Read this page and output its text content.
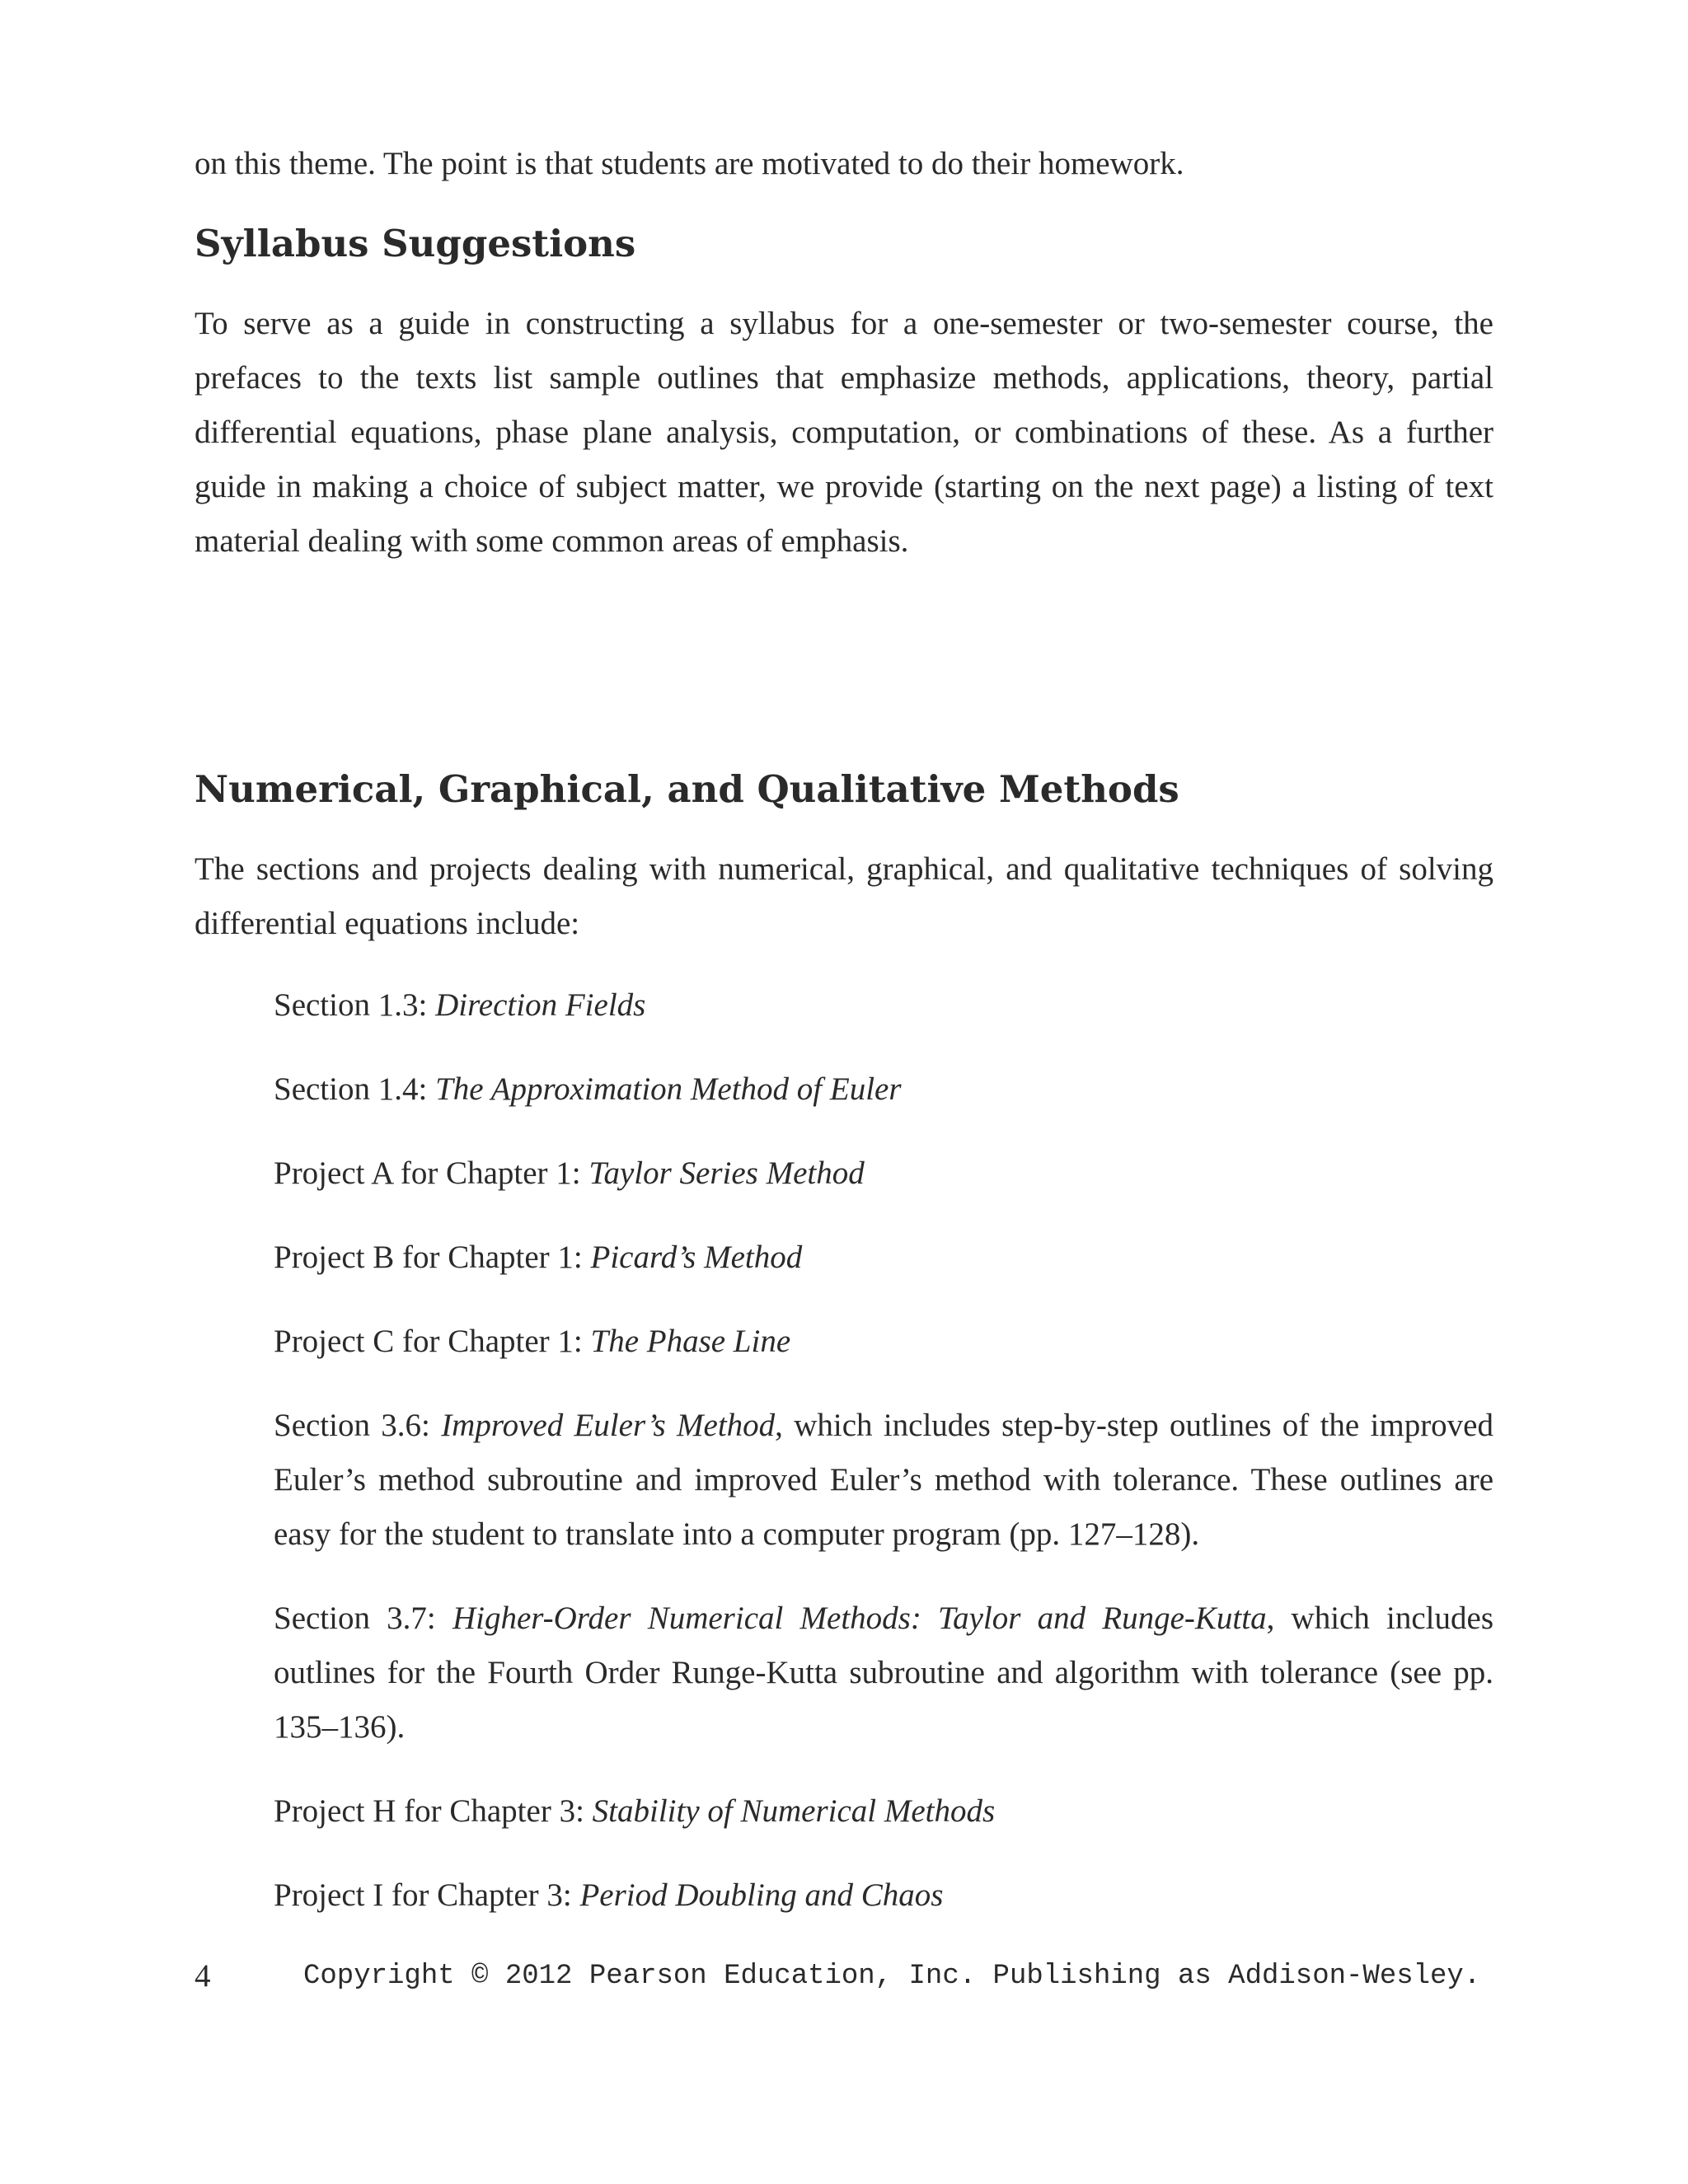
on this theme. The point is that students are motivated to do their homework.

Syllabus Suggestions

To serve as a guide in constructing a syllabus for a one-semester or two-semester course, the prefaces to the texts list sample outlines that emphasize methods, applications, theory, partial differential equations, phase plane analysis, computation, or combinations of these. As a further guide in making a choice of subject matter, we provide (starting on the next page) a listing of text material dealing with some common areas of emphasis.

Numerical, Graphical, and Qualitative Methods

The sections and projects dealing with numerical, graphical, and qualitative techniques of solving differential equations include:

Section 1.3: Direction Fields
Section 1.4: The Approximation Method of Euler
Project A for Chapter 1: Taylor Series Method
Project B for Chapter 1: Picard’s Method
Project C for Chapter 1: The Phase Line
Section 3.6: Improved Euler’s Method, which includes step-by-step outlines of the improved Euler’s method subroutine and improved Euler’s method with tolerance. These outlines are easy for the student to translate into a computer program (pp. 127–128).
Section 3.7: Higher-Order Numerical Methods: Taylor and Runge-Kutta, which includes outlines for the Fourth Order Runge-Kutta subroutine and algorithm with tolerance (see pp. 135–136).
Project H for Chapter 3: Stability of Numerical Methods
Project I for Chapter 3: Period Doubling and Chaos
4	Copyright © 2012 Pearson Education, Inc. Publishing as Addison-Wesley.
